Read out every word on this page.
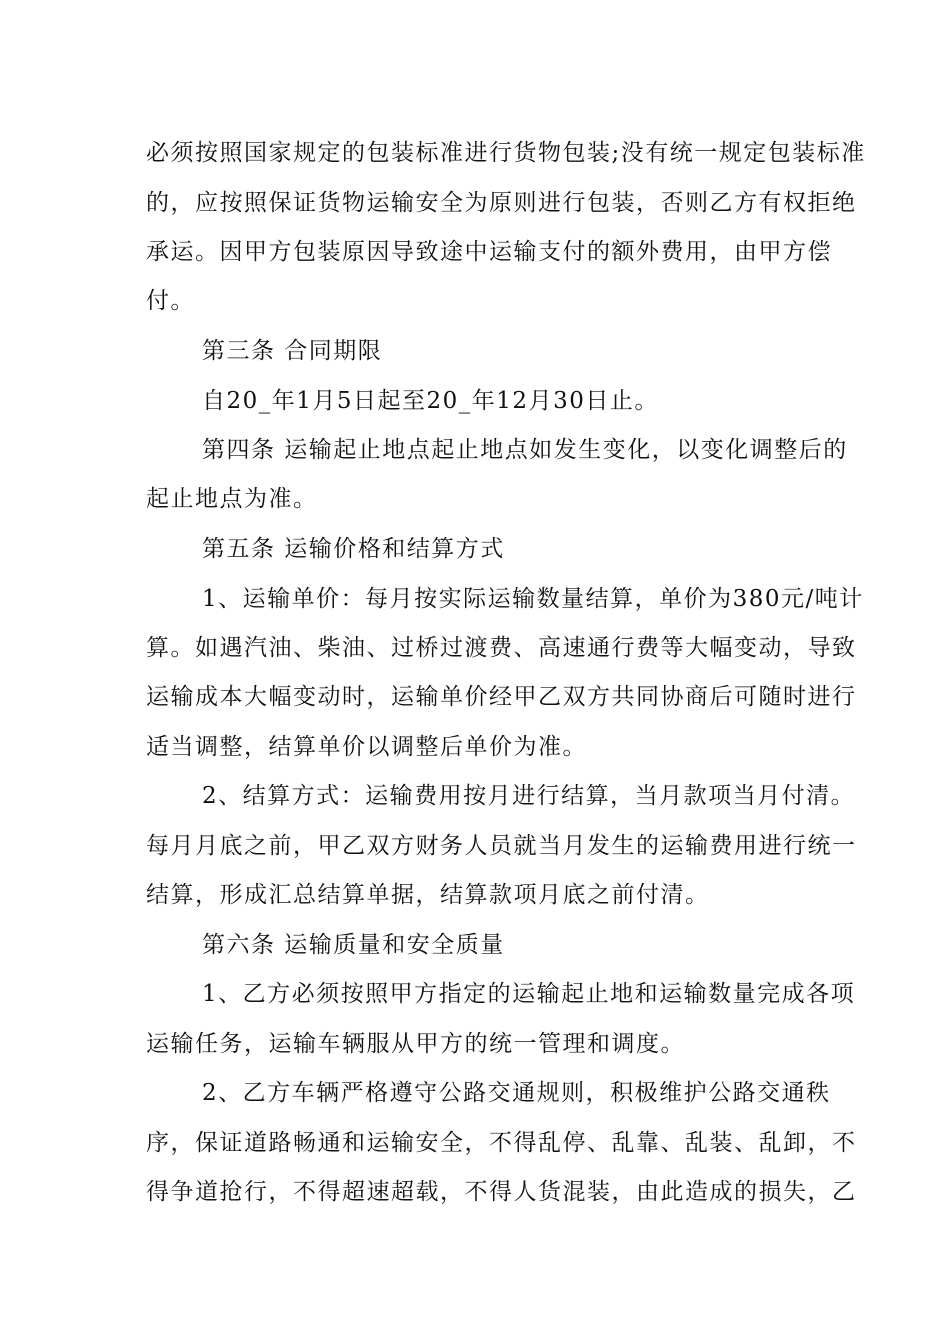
必须按照国家规定的包装标准进行货物包装;没有统一规定包装标准
的，应按照保证货物运输安全为原则进行包装，否则乙方有权拒绝
承运。因甲方包装原因导致途中运输支付的额外费用，由甲方偿
付。
第三条 合同期限
自20_年1月5日起至20_年12月30日止。
第四条 运输起止地点起止地点如发生变化，以变化调整后的
起止地点为准。
第五条 运输价格和结算方式
1、运输单价：每月按实际运输数量结算，单价为380元/吨计
算。如遇汽油、柴油、过桥过渡费、高速通行费等大幅变动，导致
运输成本大幅变动时，运输单价经甲乙双方共同协商后可随时进行
适当调整，结算单价以调整后单价为准。
2、结算方式：运输费用按月进行结算，当月款项当月付清。
每月月底之前，甲乙双方财务人员就当月发生的运输费用进行统一
结算，形成汇总结算单据，结算款项月底之前付清。
第六条 运输质量和安全质量
1、乙方必须按照甲方指定的运输起止地和运输数量完成各项
运输任务，运输车辆服从甲方的统一管理和调度。
2、乙方车辆严格遵守公路交通规则，积极维护公路交通秩
序，保证道路畅通和运输安全，不得乱停、乱靠、乱装、乱卸，不
得争道抢行，不得超速超载，不得人货混装，由此造成的损失，乙
